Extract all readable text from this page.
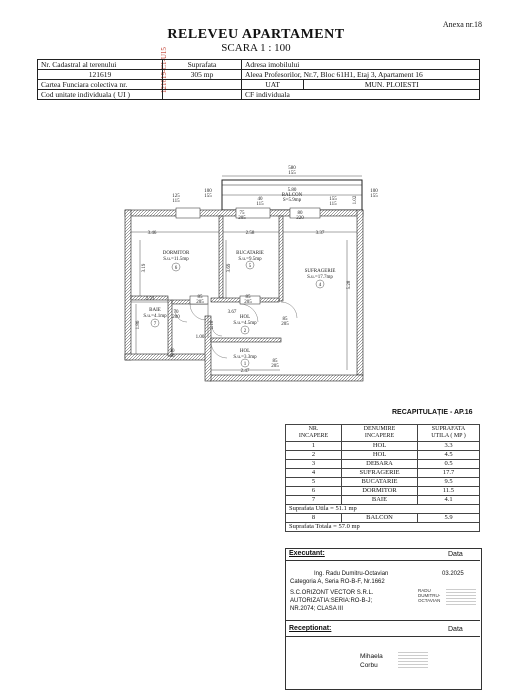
Anexa nr.18
RELEVEU APARTAMENT
SCARA 1 : 100
121619-C1-U15
Nr. Cadastral al terenului	Suprafata	Adresa imobilului	
121619	305 mp	Aleea Profesorilor, Nr.7, Bloc 61H1, Etaj 3, Apartament 16	
Cartea Funciara colectiva nr.		UAT	MUN. PLOIESTI
Cod unitate individuala ( UI )		CF individuala	
580
155
5.80
BALCON
S=5.9mp
125
115
100
155
40
115
155
115
100
155
75
205
80
220
3.46	2.58	3.37
2.23
3.67
70
200
85
205
85
205
85
205
85
205
40
60
2.47
1.00
3.19	3.69
5.28
1.86	1.18
1.02
DORMITOR
S.u.=11.5mp
6
BUCATARIE
S.u.=9.5mp
5
SUFRAGERIE
S.u.=17.7mp
4
BAIE
S.u.=4.1mp
7
HOL
S.u.=4.5mp
2
HOL
S.u.=3.3mp
1
RECAPITULAȚIE - AP.16
NR.
INCAPERE	DENUMIRE
INCAPERE	SUPRAFATA
UTILA ( MP )
1	HOL	3.3
2	HOL	4.5
3	DEBARA	0.5
4	SUFRAGERIE	17.7
5	BUCATARIE	9.5
6	DORMITOR	11.5
7	BAIE	4.1
Suprafata Utila = 51.1 mp		
8	BALCON	5.9
Suprafata Totala = 57.0 mp		
Executant:	Data
03.2025
Ing. Radu Dumitru-Octavian
Categoria A, Seria RO-B-F, Nr.1662
S.C.ORIZONT VECTOR S.R.L.
AUTORIZATIA:SERIA:RO-B-J;
NR.2074; CLASA III
RADU
DUMITRU-
OCTAVIAN
Receptionat:	Data
Mihaela
Corbu
